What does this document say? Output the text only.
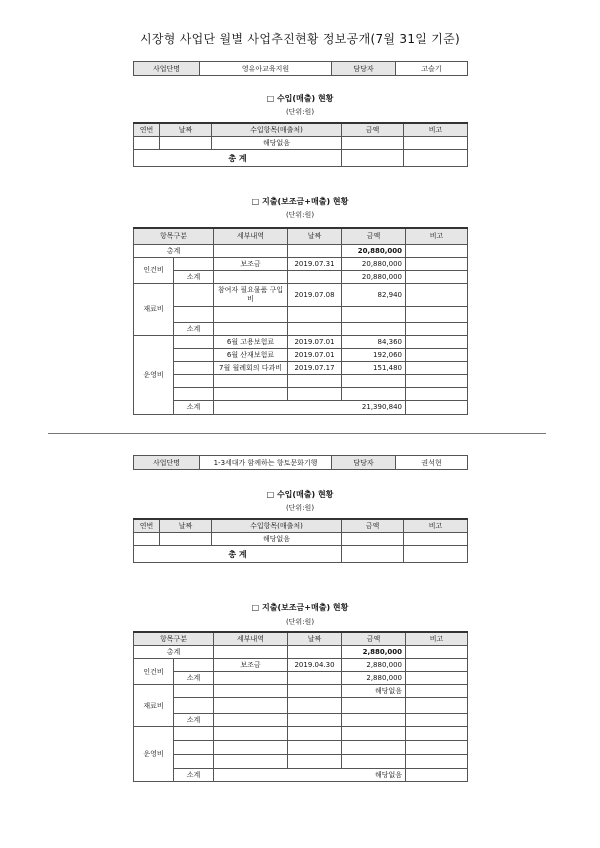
시장형 사업단 월별 사업추진현황 정보공개(7월 31일 기준)
사업단명	영유아교육지원	담당자	고슬기
□ 수입(매출) 현황
(단위:원)
연번	날짜	수입항목(매출처)	금액	비고
		해당없음		
총 계				
□ 지출(보조금+매출) 현황
(단위:원)
항목구분		세부내역	날짜	금액	비고
총계				20,880,000	
인건비		보조금	2019.07.31	20,880,000	
	소계			20,880,000	
재료비		참여자 필요물품 구입비	2019.07.08	82,940	

	소계				
운영비		6월 고용보험료	2019.07.01	84,360	
		6월 산재보험료	2019.07.01	192,060	
		7월 월례회의 다과비	2019.07.17	151,480	

	소계	21,390,840			
사업단명	1-3세대가 함께하는 향토문화기행	담당자	권석현
□ 수입(매출) 현황
(단위:원)
연번	날짜	수입항목(매출처)	금액	비고
		해당없음		
총 계				
□ 지출(보조금+매출) 현황
(단위:원)
항목구분		세부내역	날짜	금액	비고
총계				2,880,000	
인건비		보조금	2019.04.30	2,880,000	
	소계			2,880,000	
재료비				해당없음	

	소계				
운영비					

	소계	해당없음			
